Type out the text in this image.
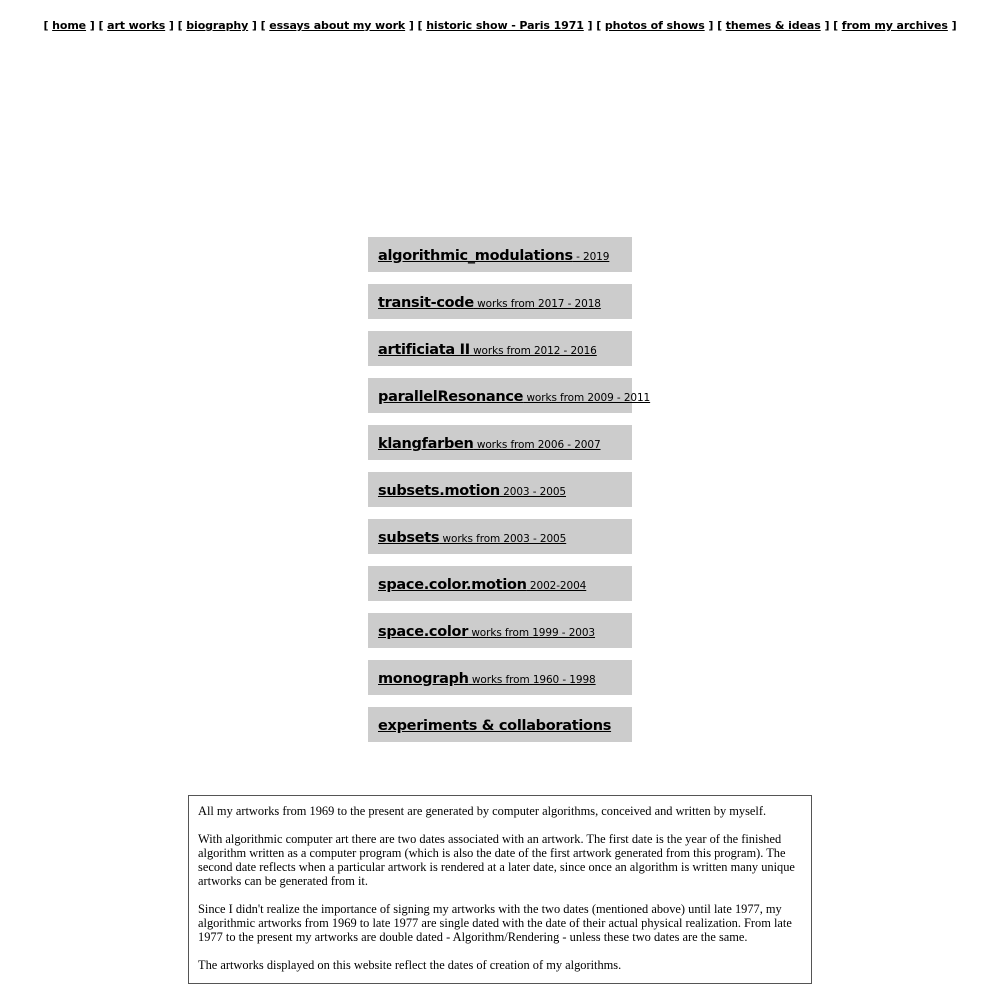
[ home ] [ art works ] [ biography ] [ essays about my work ] [ historic show - Paris 1971 ] [ photos of shows ] [ themes & ideas ] [ from my archives ]
algorithmic_modulations - 2019
transit-code works from 2017 - 2018
artificiata II works from 2012 - 2016
parallelResonance works from 2009 - 2011
klangfarben works from 2006 - 2007
subsets.motion 2003 - 2005
subsets works from 2003 - 2005
space.color.motion 2002-2004
space.color works from 1999 - 2003
monograph works from 1960 - 1998
experiments & collaborations

All my artworks from 1969 to the present are generated by computer algorithms, conceived and written by myself.

With algorithmic computer art there are two dates associated with an artwork. The first date is the year of the finished algorithm written as a computer program (which is also the date of the first artwork generated from this program). The second date reflects when a particular artwork is rendered at a later date, since once an algorithm is written many unique artworks can be generated from it.

Since I didn't realize the importance of signing my artworks with the two dates (mentioned above) until late 1977, my algorithmic artworks from 1969 to late 1977 are single dated with the date of their actual physical realization. From late 1977 to the present my artworks are double dated - Algorithm/Rendering - unless these two dates are the same.

The artworks displayed on this website reflect the dates of creation of my algorithms.
